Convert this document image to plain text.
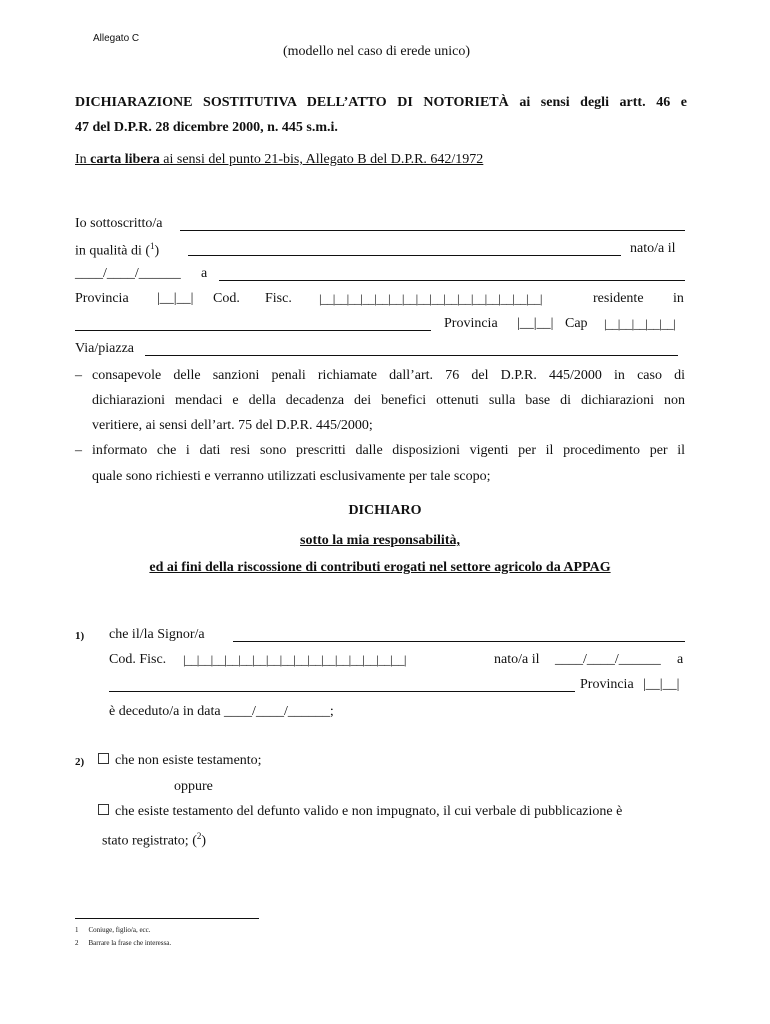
Allegato C
(modello nel caso di erede unico)
DICHIARAZIONE SOSTITUTIVA DELL’ATTO DI NOTORIETÀ ai sensi degli artt. 46 e
47 del D.P.R. 28 dicembre 2000, n. 445 s.m.i.
In carta libera ai sensi del punto 21-bis, Allegato B del D.P.R. 642/1972
Io sottoscritto/a
in qualità di ($^1$)	nato/a il
____/____/______ a
Provincia |__|__| Cod. Fisc. |__|__|__|__|__|__|__|__|__|__|__|__|__|__|__|__|	residente in
Provincia |__|__| Cap |__|__|__|__|__|
Via/piazza
– consapevole delle sanzioni penali richiamate dall’art. 76 del D.P.R. 445/2000 in caso di
dichiarazioni mendaci e della decadenza dei benefici ottenuti sulla base di dichiarazioni non
veritiere, ai sensi dell’art. 75 del D.P.R. 445/2000;
– informato che i dati resi sono prescritti dalle disposizioni vigenti per il procedimento per il
quale sono richiesti e verranno utilizzati esclusivamente per tale scopo;
DICHIARO
sotto la mia responsabilità,
ed ai fini della riscossione di contributi erogati nel settore agricolo da APPAG
1) che il/la Signor/a
Cod. Fisc. |__|__|__|__|__|__|__|__|__|__|__|__|__|__|__|__|	nato/a il ____/____/______ a
Provincia |__|__|
è deceduto/a in data ____/____/______;
2)	che non esiste testamento;
oppure
che esiste testamento del defunto valido e non impugnato, il cui verbale di pubblicazione è
stato registrato; ($^2$)
1 Coniuge, figlio/a, ecc.
2 Barrare la frase che interessa.
